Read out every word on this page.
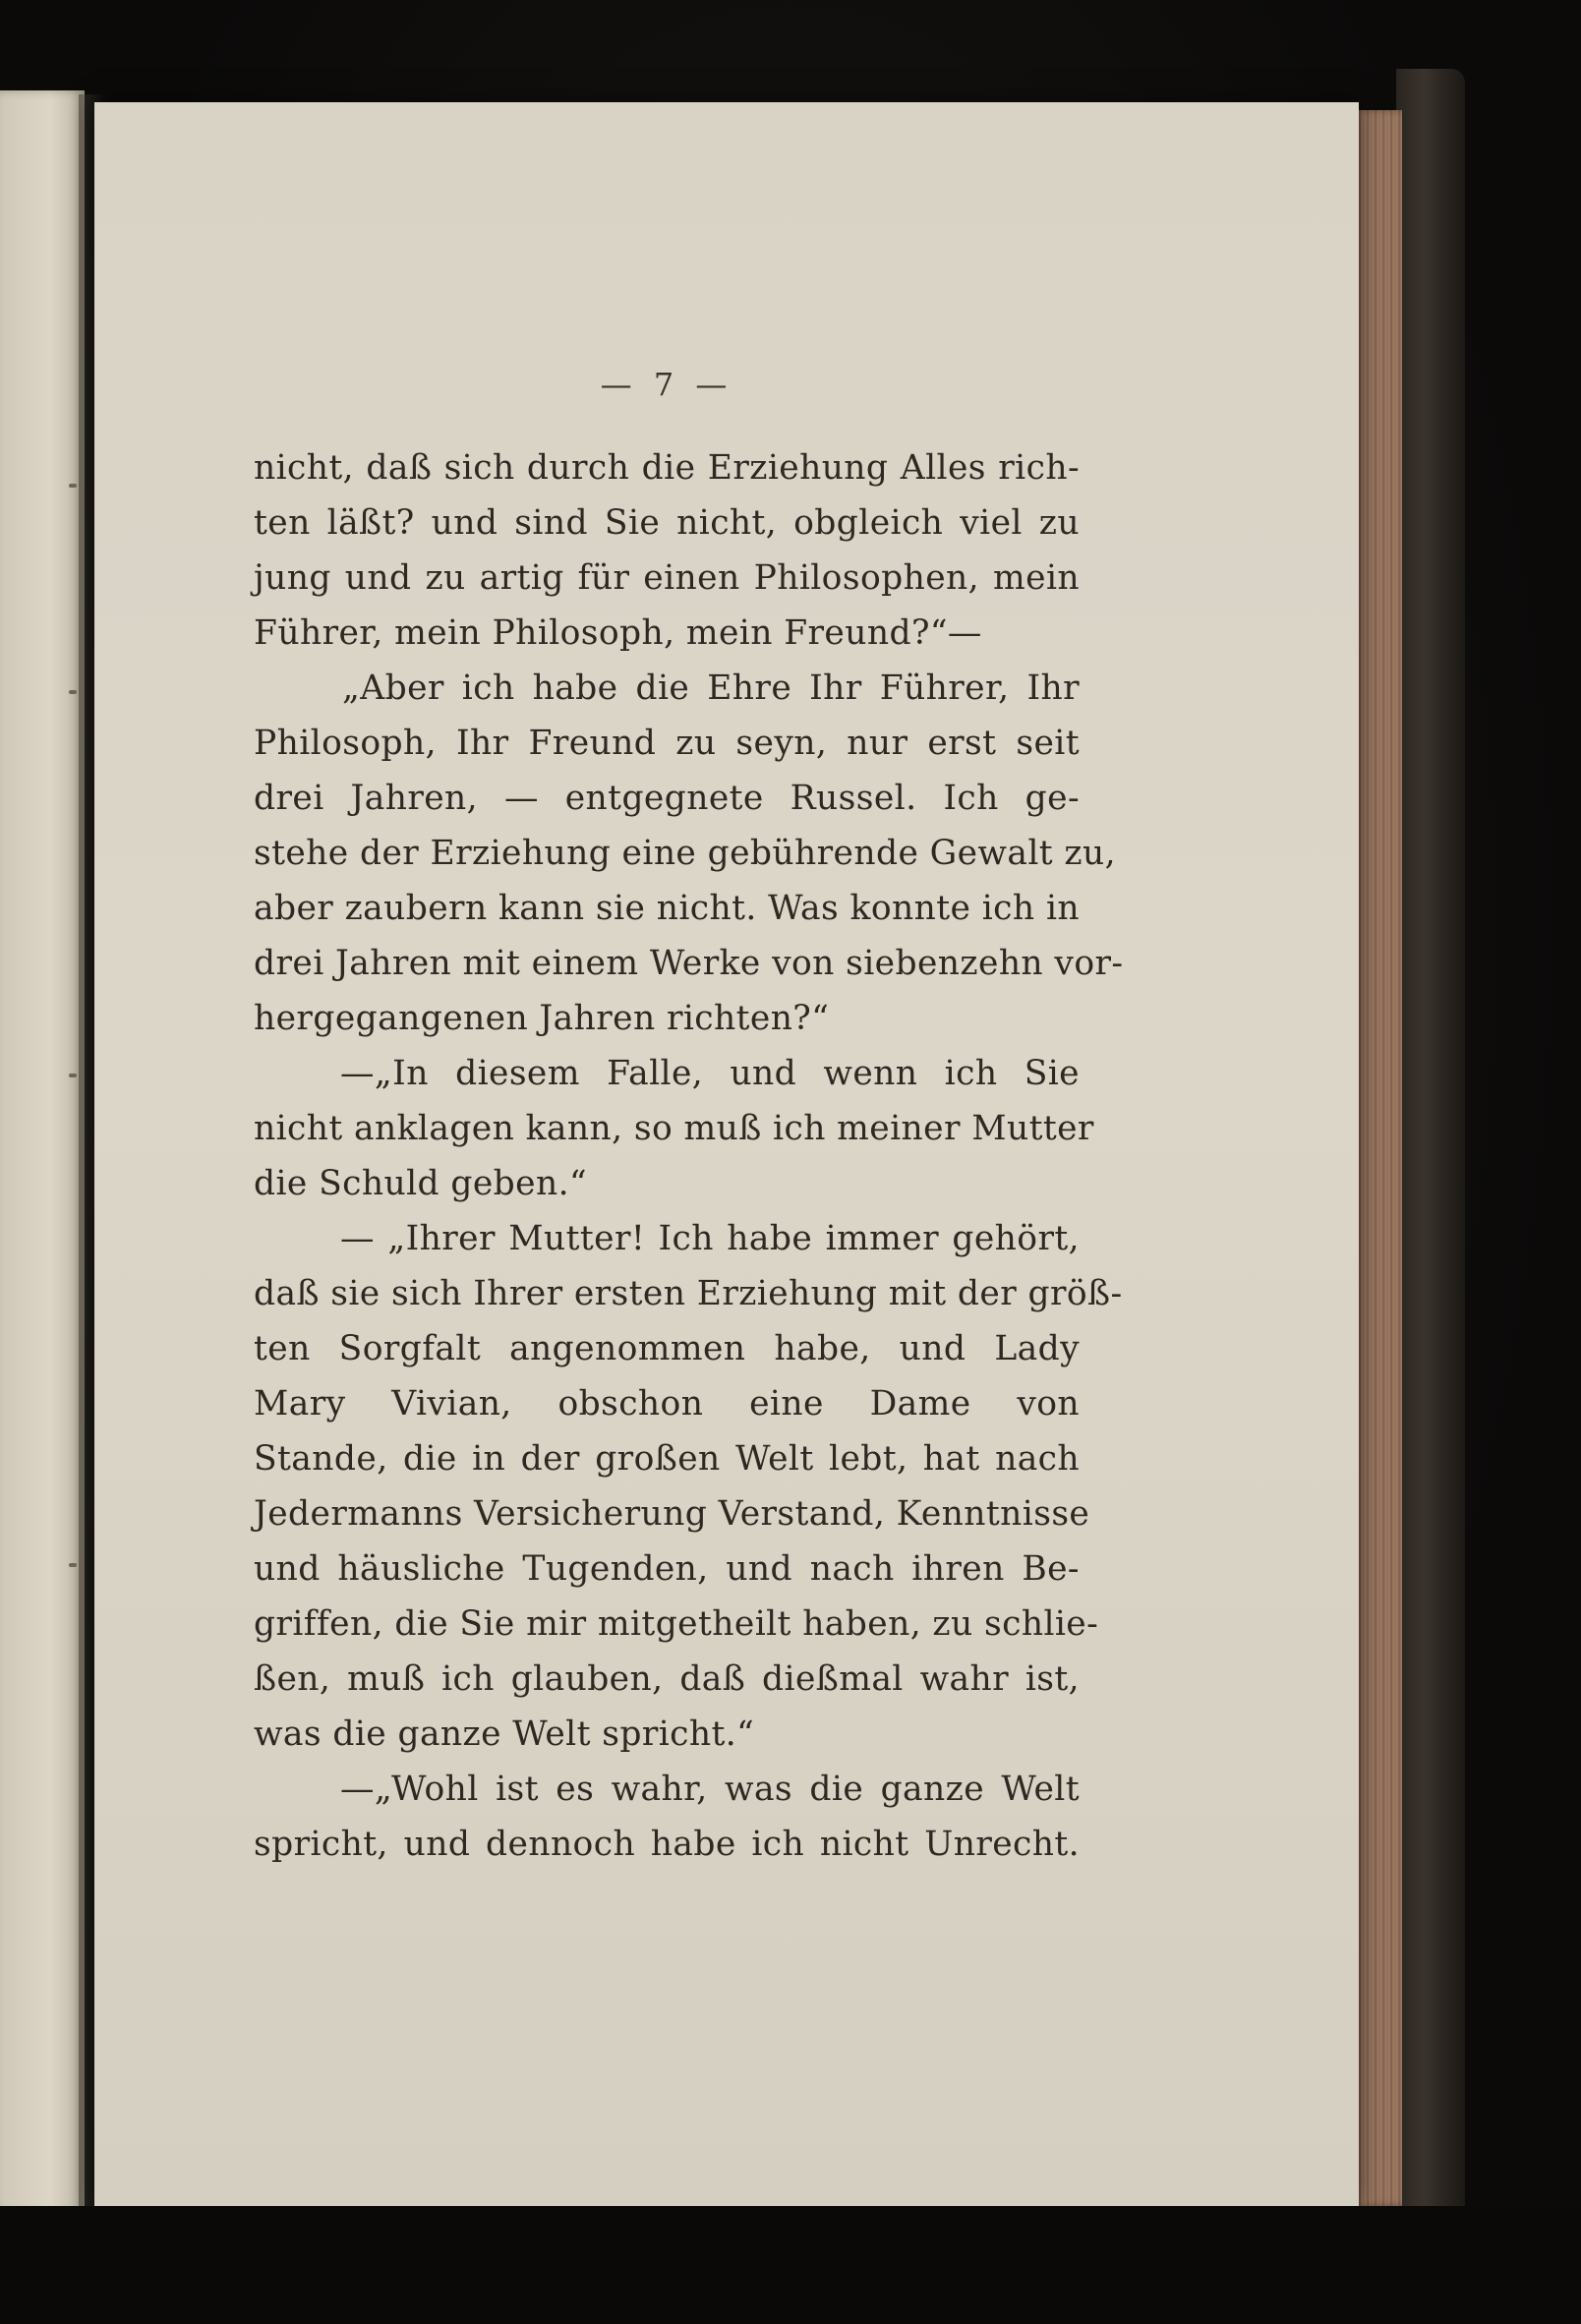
— 7 —
nicht, daß sich durch die Erziehung Alles rich-
ten läßt? und sind Sie nicht, obgleich viel zu
jung und zu artig für einen Philosophen, mein
Führer, mein Philosoph, mein Freund?“—
„Aber ich habe die Ehre Ihr Führer, Ihr
Philosoph, Ihr Freund zu seyn, nur erst seit
drei Jahren, — entgegnete Russel. Ich ge-
stehe der Erziehung eine gebührende Gewalt zu,
aber zaubern kann sie nicht. Was konnte ich in
drei Jahren mit einem Werke von siebenzehn vor-
hergegangenen Jahren richten?“
—„In diesem Falle, und wenn ich Sie
nicht anklagen kann, so muß ich meiner Mutter
die Schuld geben.“
— „Ihrer Mutter! Ich habe immer gehört,
daß sie sich Ihrer ersten Erziehung mit der größ-
ten Sorgfalt angenommen habe, und Lady
Mary Vivian, obschon eine Dame von
Stande, die in der großen Welt lebt, hat nach
Jedermanns Versicherung Verstand, Kenntnisse
und häusliche Tugenden, und nach ihren Be-
griffen, die Sie mir mitgetheilt haben, zu schlie-
ßen, muß ich glauben, daß dießmal wahr ist,
was die ganze Welt spricht.“
—„Wohl ist es wahr, was die ganze Welt
spricht, und dennoch habe ich nicht Unrecht.
